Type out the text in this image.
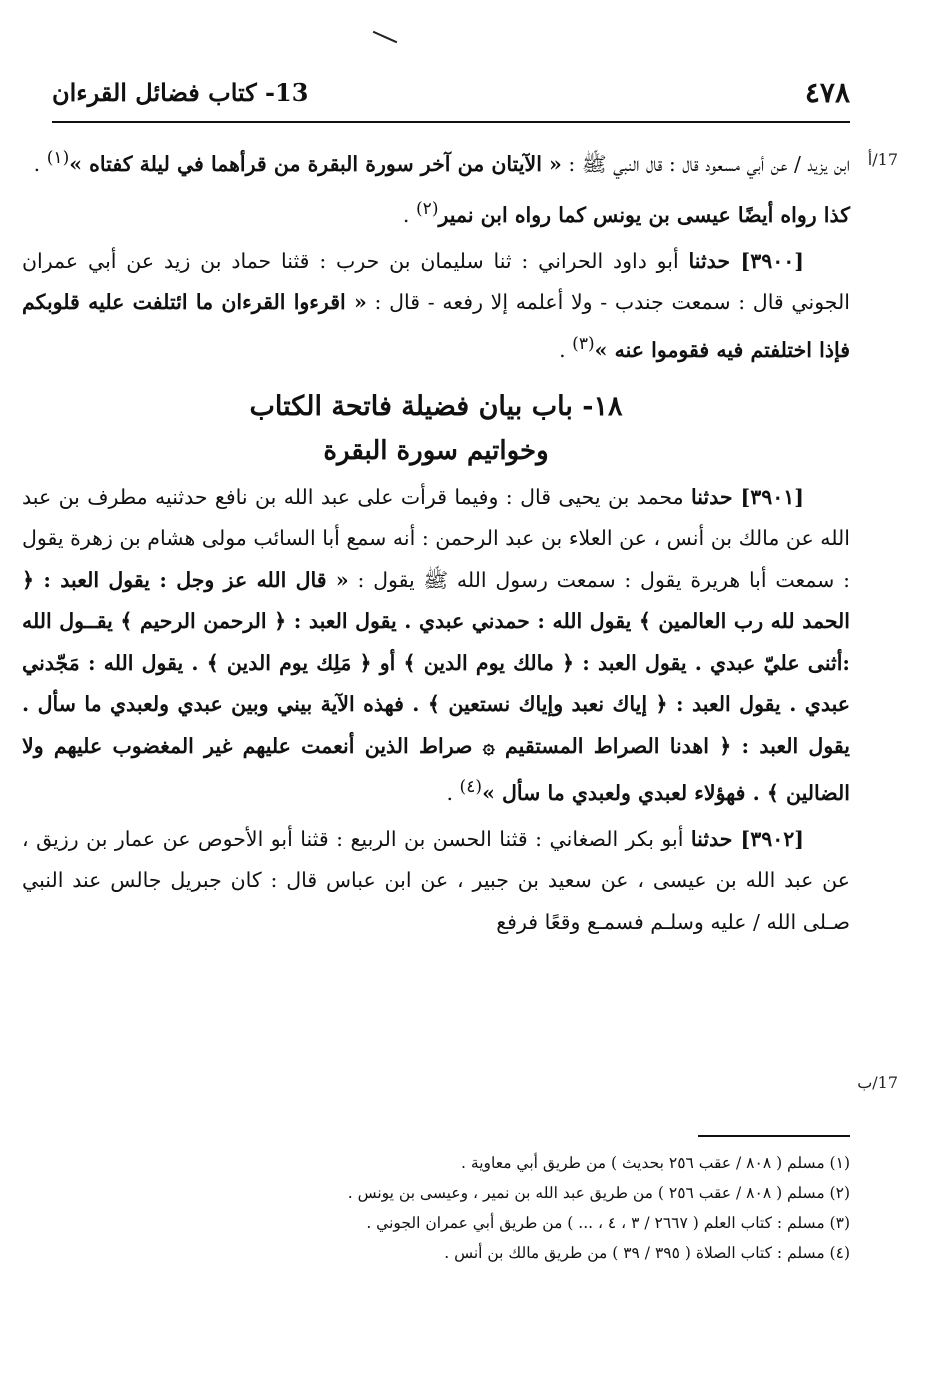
٤٧٨
13- كتاب فضائل القرءان
17/أ
17/ب

ابن يزيد / عن أبي مسعود قال : قال النبي ﷺ : « الآيتان من آخر سورة البقرة من قرأهما في ليلة كفتاه »$^{(١)}$ .

كذا رواه أيضًا عيسى بن يونس كما رواه ابن نمير$^{(٢)}$ .

[٣٩٠٠] حدثنا أبو داود الحراني : ثنا سليمان بن حرب : قثنا حماد بن زيد عن أبي عمران الجوني قال : سمعت جندب - ولا أعلمه إلا رفعه - قال : « اقرءوا القرءان ما ائتلفت عليه قلوبكم فإذا اختلفتم فيه فقوموا عنه »$^{(٣)}$ .

١٨- باب بيان فضيلة فاتحة الكتاب

وخواتيم سورة البقرة

[٣٩٠١] حدثنا محمد بن يحيى قال : وفيما قرأت على عبد الله بن نافع حدثنيه مطرف بن عبد الله عن مالك بن أنس ، عن العلاء بن عبد الرحمن : أنه سمع أبا السائب مولى هشام بن زهرة يقول : سمعت أبا هريرة يقول : سمعت رسول الله ﷺ يقول : « قال الله عز وجل : يقول العبد : ﴿ الحمد لله رب العالمين ﴾ يقول الله : حمدني عبدي . يقول العبد : ﴿ الرحمن الرحيم ﴾ يقــول الله :أثنى عليّ عبدي . يقول العبد : ﴿ مالك يوم الدين ﴾ أو ﴿ مَلِك يوم الدين ﴾ . يقول الله : مَجّدني عبدي . يقول العبد : ﴿ إياك نعبد وإياك نستعين ﴾ . فهذه الآية بيني وبين عبدي ولعبدي ما سأل . يقول العبد : ﴿ اهدنا الصراط المستقيم ۞ صراط الذين أنعمت عليهم غير المغضوب عليهم ولا الضالين ﴾ . فهؤلاء لعبدي ولعبدي ما سأل »$^{(٤)}$ .

[٣٩٠٢] حدثنا أبو بكر الصغاني : قثنا الحسن بن الربيع : قثنا أبو الأحوص عن عمار بن رزيق ، عن عبد الله بن عيسى ، عن سعيد بن جبير ، عن ابن عباس قال : كان جبريل جالس عند النبي صـلى الله / عليه وسلـم فسمـع وقعًا فرفع

(١) مسلم ( ٨٠٨ / عقب ٢٥٦ بحديث ) من طريق أبي معاوية .

(٢) مسلم ( ٨٠٨ / عقب ٢٥٦ ) من طريق عبد الله بن نمير ، وعيسى بن يونس .

(٣) مسلم : كتاب العلم ( ٢٦٦٧ / ٣ ، ٤ ، ... ) من طريق أبي عمران الجوني .

(٤) مسلم : كتاب الصلاة ( ٣٩٥ / ٣٩ ) من طريق مالك بن أنس .
